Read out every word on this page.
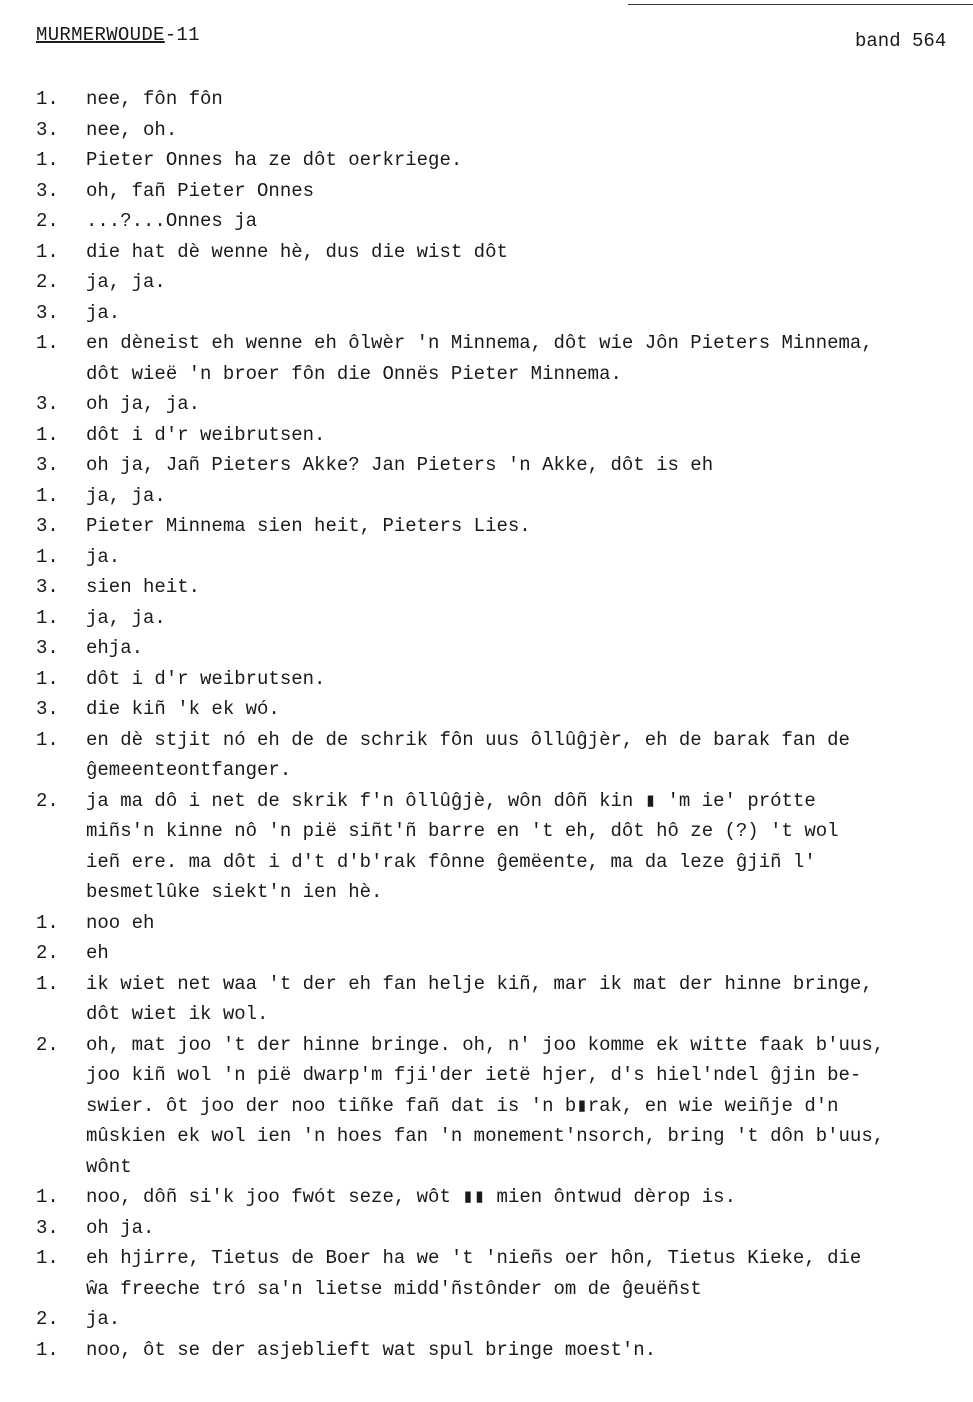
MURMERWOUDE-11	band 564
1.	nee, fôn fôn
3.	nee, oh.
1.	Pieter Onnes ha ze dôt oerkriege.
3.	oh, fañ Pieter Onnes
2.	...?...Onnes ja
1.	die hat dè wenne hè, dus die wist dôt
2.	ja, ja.
3.	ja.
1.	en dèneist eh wenne eh ôlwèr 'n Minnema, dôt wie Jôn Pieters Minnema,
dôt wieë 'n broer fôn die Onnës Pieter Minnema.
3.	oh ja, ja.
1.	dôt i d'r weibrutsen.
3.	oh ja, Jañ Pieters Akke? Jan Pieters 'n Akke, dôt is eh
1.	ja, ja.
3.	Pieter Minnema sien heit, Pieters Lies.
1.	ja.
3.	sien heit.
1.	ja, ja.
3.	ehja.
1.	dôt i d'r weibrutsen.
3.	die kiñ 'k ek wó.
1.	en dè stjit nó eh de de schrik fôn uus ôllûĝjèr, eh de barak fan de
ĝemeenteontfanger.
2.	ja ma dô i net de skrik f'n ôllûĝjè, wôn dôñ kin ▮ 'm ie' prótte
miñs'n kinne nô 'n pië siñt'ñ barre en 't eh, dôt hô ze (?) 't wol
ieñ ere. ma dôt i d't d'b'rak fônne ĝemëente, ma da leze ĝjiñ l'
besmetlûke siekt'n ien hè.
1.	noo eh
2.	eh
1.	ik wiet net waa 't der eh fan helje kiñ, mar ik mat der hinne bringe,
dôt wiet ik wol.
2.	oh, mat joo 't der hinne bringe. oh, n' joo komme ek witte faak b'uus,
joo kiñ wol 'n pië dwarp'm fji'der ietë hjer, d's hiel'ndel ĝjin be-
swier. ôt joo der noo tiñke fañ dat is 'n b▮rak, en wie weiñje d'n
mûskien ek wol ien 'n hoes fan 'n monement'nsorch, bring 't dôn b'uus,
wônt
1.	noo, dôñ si'k joo fwót seze, wôt ▮▮ mien ôntwud dèrop is.
3.	oh ja.
1.	eh hjirre, Tietus de Boer ha we 't 'nieñs oer hôn, Tietus Kieke, die
ŵa freeche tró sa'n lietse midd'ñstônder om de ĝeuëñst
2.	ja.
1.	noo, ôt se der asjeblieft wat spul bringe moest'n.
